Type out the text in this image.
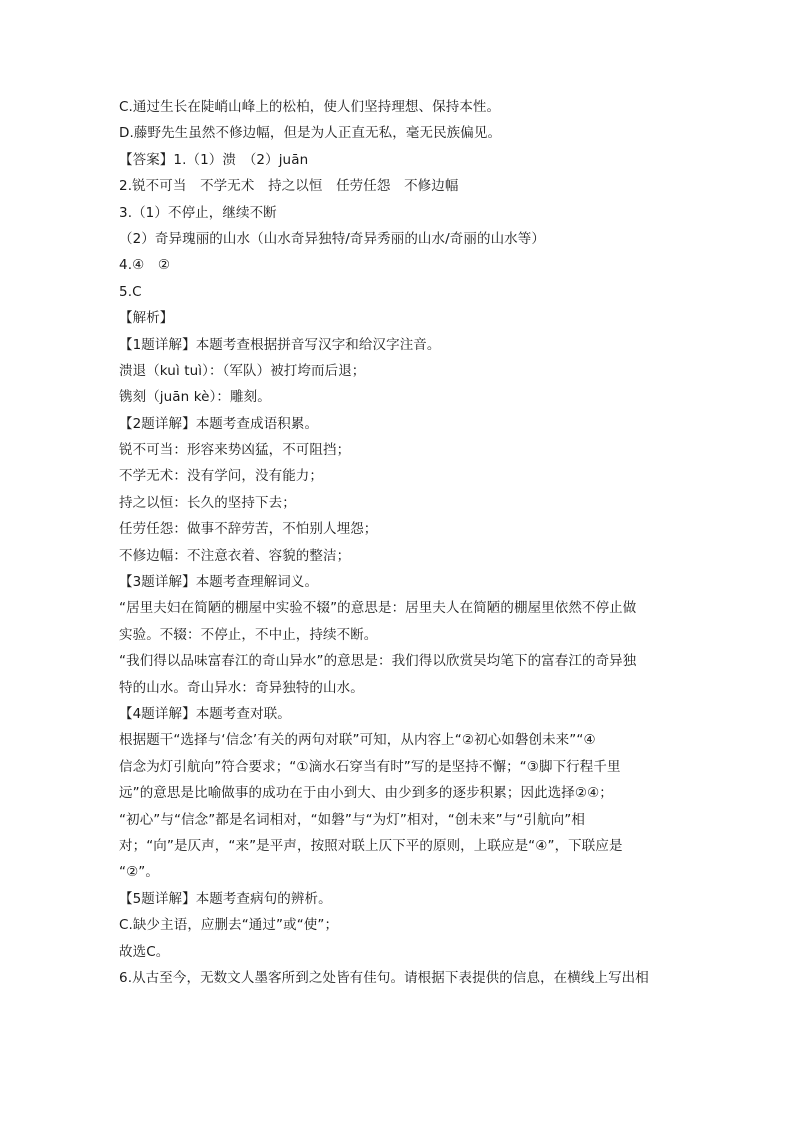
C.通过生长在陡峭山峰上的松柏，使人们坚持理想、保持本性。
D.藤野先生虽然不修边幅，但是为人正直无私，毫无民族偏见。
【答案】1.（1）溃　（2）juān
2.锐不可当　不学无术　持之以恒　任劳任怨　不修边幅
3.（1）不停止，继续不断
（2）奇异瑰丽的山水（山水奇异独特/奇异秀丽的山水/奇丽的山水等）
4.④　②
5.C
【解析】
【1题详解】本题考查根据拼音写汉字和给汉字注音。
溃退（kuì tuì）：（军队）被打垮而后退；
镌刻（juān kè）：雕刻。
【2题详解】本题考查成语积累。
锐不可当：形容来势凶猛，不可阻挡；
不学无术：没有学问，没有能力；
持之以恒：长久的坚持下去；
任劳任怨：做事不辞劳苦，不怕别人埋怨；
不修边幅：不注意衣着、容貌的整洁；
【3题详解】本题考查理解词义。
“居里夫妇在简陋的棚屋中实验不辍”的意思是：居里夫人在简陋的棚屋里依然不停止做
实验。不辍：不停止，不中止，持续不断。
“我们得以品味富春江的奇山异水”的意思是：我们得以欣赏吴均笔下的富春江的奇异独
特的山水。奇山异水：奇异独特的山水。
【4题详解】本题考查对联。
根据题干“选择与‘信念’有关的两句对联”可知，从内容上“②初心如磐创未来”“④
信念为灯引航向”符合要求；“①滴水石穿当有时”写的是坚持不懈；“③脚下行程千里
远”的意思是比喻做事的成功在于由小到大、由少到多的逐步积累；因此选择②④；
“初心”与“信念”都是名词相对，“如磐”与“为灯”相对，“创未来”与“引航向”相
对；“向”是仄声，“来”是平声，按照对联上仄下平的原则，上联应是“④”，下联应是
“②”。
【5题详解】本题考查病句的辨析。
C.缺少主语，应删去“通过”或“使”；
故选C。
6.从古至今，无数文人墨客所到之处皆有佳句。请根据下表提供的信息，在横线上写出相
